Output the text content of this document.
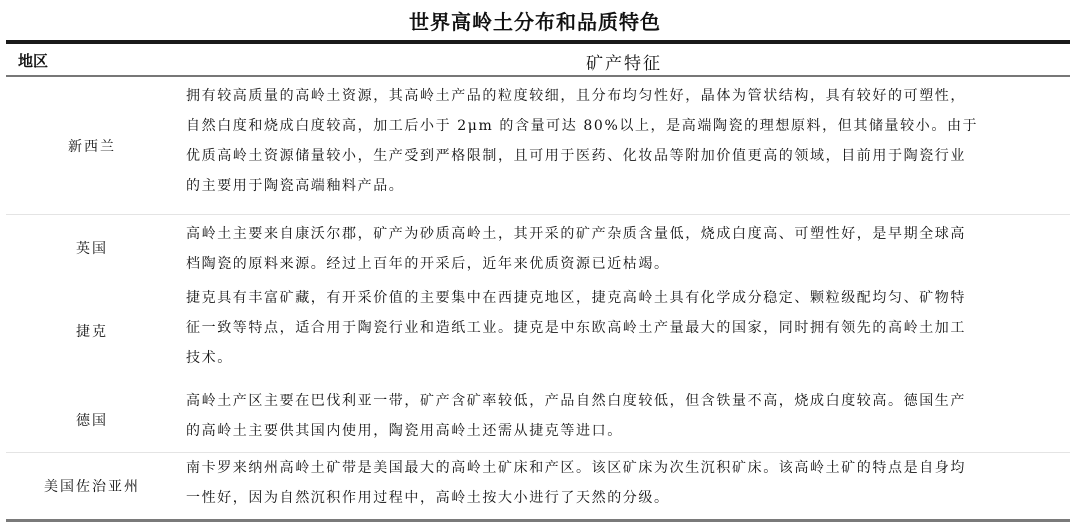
世界高岭土分布和品质特色
地区	矿产特征
新西兰
拥有较高质量的高岭土资源，其高岭土产品的粒度较细，且分布均匀性好，晶体为管状结构，具有较好的可塑性，
自然白度和烧成白度较高，加工后小于 2μm 的含量可达 80%以上，是高端陶瓷的理想原料，但其储量较小。由于
优质高岭土资源储量较小，生产受到严格限制，且可用于医药、化妆品等附加价值更高的领域，目前用于陶瓷行业
的主要用于陶瓷高端釉料产品。
英国
高岭土主要来自康沃尔郡，矿产为砂质高岭土，其开采的矿产杂质含量低，烧成白度高、可塑性好，是早期全球高
档陶瓷的原料来源。经过上百年的开采后，近年来优质资源已近枯竭。
捷克
捷克具有丰富矿藏，有开采价值的主要集中在西捷克地区，捷克高岭土具有化学成分稳定、颗粒级配均匀、矿物特
征一致等特点，适合用于陶瓷行业和造纸工业。捷克是中东欧高岭土产量最大的国家，同时拥有领先的高岭土加工
技术。
德国
高岭土产区主要在巴伐利亚一带，矿产含矿率较低，产品自然白度较低，但含铁量不高，烧成白度较高。德国生产
的高岭土主要供其国内使用，陶瓷用高岭土还需从捷克等进口。
美国佐治亚州
南卡罗来纳州高岭土矿带是美国最大的高岭土矿床和产区。该区矿床为次生沉积矿床。该高岭土矿的特点是自身均
一性好，因为自然沉积作用过程中，高岭土按大小进行了天然的分级。
